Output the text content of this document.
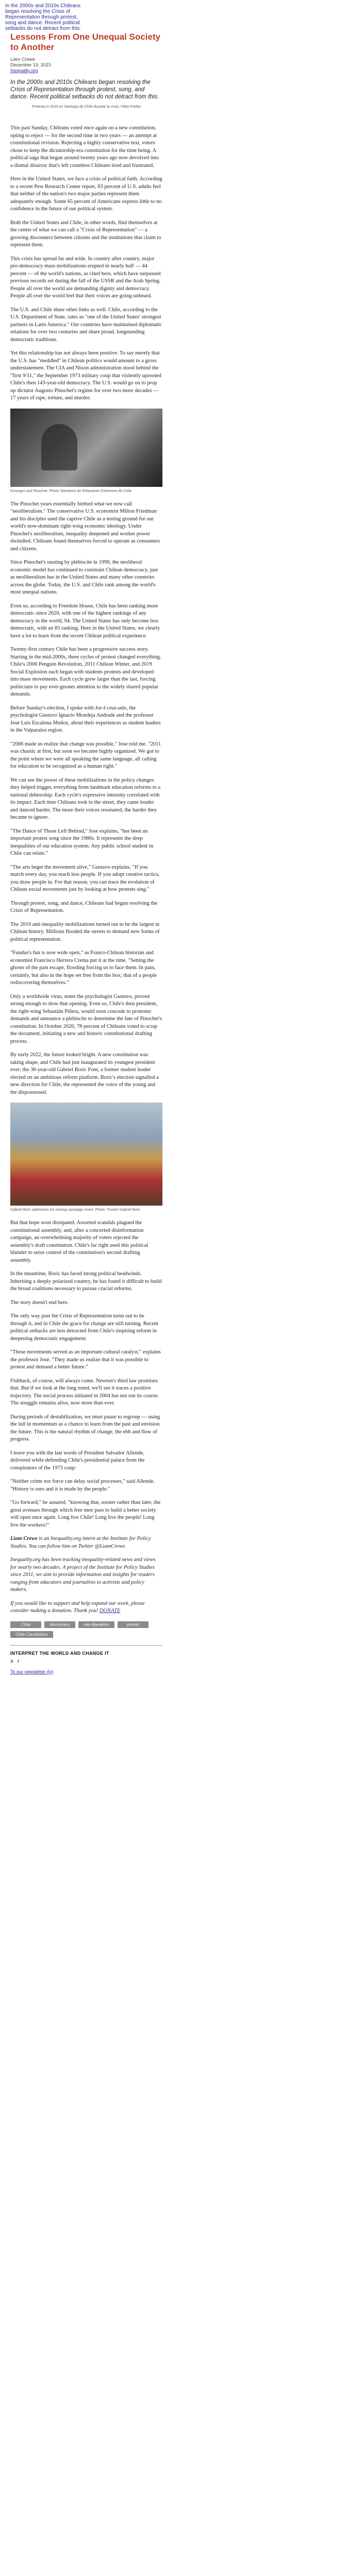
In the 2000s and 2010s Chileans began resolving the Crisis of Representation through protest, song and dance. Recent political setbacks do not detract from this.
Lessons From One Unequal Society to Another
Liam Crewe
December 19, 2023
Inequality.org
In the 2000s and 2010s Chileans began resolving the Crisis of Representation through protest, song, and dance. Recent political setbacks do not detract from this.
Protesta in 2019 en Santiago de Chile durante la crisis / Mitzi Parfan

This past Sunday, Chileans voted once again on a new constitution, opting to reject — for the second time in two years — an attempt at constitutional revision. Rejecting a highly conservative text, voters chose to keep the dictatorship-era constitution for the time being. A political saga that began around twenty years ago now devolved into a dismal disarray that's left countless Chileans tired and frustrated.

Here in the United States, we face a crisis of political faith. According to a recent Pew Research Center report, 63 percent of U.S. adults feel that neither of the nation's two major parties represent them adequately enough. Some 65 percent of Americans express little to no confidence in the future of our political system.

Both the United States and Chile, in other words, find themselves at the center of what we can call a "Crisis of Representation" — a growing disconnect between citizens and the institutions that claim to represent them.

This crisis has spread far and wide. In country after country, major pro-democracy mass mobilizations erupted in nearly half — 44 percent — of the world's nations, as cited here, which have surpassed previous records set during the fall of the USSR and the Arab Spring. People all over the world are demanding dignity and democracy. People all over the world feel that their voices are going unheard.

The U.S. and Chile share other links as well. Chile, according to the U.S. Department of State, rates as "one of the United States' strongest partners in Latin America." Our countries have maintained diplomatic relations for over two centuries and share proud, longstanding democratic traditions.

Yet this relationship has not always been positive. To say merely that the U.S. has "meddled" in Chilean politics would amount to a gross understatement. The CIA and Nixon administration stood behind the "first 9/11," the September 1973 military coup that violently uprooted Chile's then 143-year-old democracy. The U.S. would go on to prop up dictator Augusto Pinochet's regime for over two more decades — 17 years of rape, torture, and murder.

Kissinger and Pinochet. Photo: Ministerio de Relaciones Exteriores de Chile

The Pinochet years essentially birthed what we now call "neoliberalism." The conservative U.S. economist Milton Friedman and his disciples used the captive Chile as a testing ground for our world's now-dominant right-wing economic ideology. Under Pinochet's neoliberalism, inequality deepened and worker power dwindled. Chileans found themselves forced to operate as consumers and citizens.

Since Pinochet's ousting by plebiscite in 1990, the neoliberal economic model has continued to constrain Chilean democracy, just as neoliberalism has in the United States and many other countries across the globe. Today, the U.S. and Chile rank among the world's most unequal nations.

Even so, according to Freedom House, Chile has been ranking more democratic since 2020, with one of the highest rankings of any democracy in the world, 94. The United States has only become less democratic, with an 83 ranking. Here in the United States, we clearly have a lot to learn from the recent Chilean political experience.

Twenty-first century Chile has been a progressive success story. Starting in the mid-2000s, three cycles of protest changed everything. Chile's 2006 Penguin Revolution, 2011 Chilean Winter, and 2019 Social Explosion each began with students protests and developed into mass movements. Each cycle grew larger than the last, forcing politicians to pay ever-greater attention to the widely shared popular demands.

Before Sunday's election, I spoke with Jos é cruz-udo, the psychologist Gustavo Ignacio Mondeja Andrade and the professor José Luis Escalona Muñoz, about their experiences as student leaders in the Valparaíso region.

"2006 made us realize that change was possible," Jose told me. "2011 was chaotic at first, but soon we became highly organized. We got to the point where we were all speaking the same language, all calling for education to be recognized as a human right."

We can see the power of these mobilizations in the policy changes they helped trigger, everything from landmark education reforms to a national debtorship. Each cycle's expressive intensity correlated with its impact. Each time Chileans took to the street, they came louder and danced harder. The more their voices resonated, the harder they became to ignore.

"The Dance of Those Left Behind," Jose explains, "has been an important protest song since the 1980s. It represents the deep inequalities of our education system. Any public school student in Chile can relate."

"The arts beget the movement alive," Gustavo explains. "If you march every day, you reach less people. If you adopt creative tactics, you draw people in. For that reason, you can trace the evolution of Chilean social movements just by looking at how protests sing."

Through protest, song, and dance, Chileans had begun resolving the Crisis of Representation.

The 2019 anti-inequality mobilizations turned out to be the largest in Chilean history. Millions flooded the streets to demand new forms of political representation.

"Fundus's fun is now wide open," as Franco-Chilean historian and economist Francisco Herrera Crema put it at the time. "Setting the ghosts of the past escape, flooding forcing us to face them. In pain, certainly, but also in the hope set free from the box; that of a people rediscovering themselves."

Only a worldwide virus, notes the psychologist Gustavo, proved strong enough to slow that opening. Even so, Chile's then president, the right-wing Sebastián Piñera, would soon concede to protester demands and announce a plebiscite to determine the fate of Pinochet's constitution. In October 2020, 78 percent of Chileans voted to scrap the document, initiating a new and historic constitutional drafting process.

By early 2022, the future looked bright. A new constitution was taking shape, and Chile had just inaugurated its youngest president ever: the 36-year-old Gabriel Boric Font, a former student leader elected on an ambitious reform platform. Boric's election signalled a new direction for Chile, the represented the voice of the young and the dispossessed.

Gabriel Boric addresses his closing campaign event. Photo: Tricolor Gabriel Boric

But that hope soon dissipated. Assorted scandals plagued the constitutional assembly, and, after a concerted disinformation campaign, an overwhelming majority of voters rejected the assembly's draft constitution. Chile's far right used this political blunder to seize control of the constitution's second drafting assembly.

In the meantime, Boric has faced strong political headwinds. Inheriting a deeply polarized country, he has found it difficult to build the broad coalitions necessary to pursue crucial reforms.

The story doesn't end here.

The only way past the Crisis of Representation turns out to be through it, and in Chile the grace for change are still turning. Recent political setbacks are less detracted from Chile's inspiring reform in deepening democratic engagement.

"These movements served as an important cultural catalyst," explains the professor José. "They made us realize that it was possible to protest and demand a better future."

Fishback, of course, will always come. Newton's third law promises that. But if we look at the long trend, we'll see it traces a positive trajectory. The social process initiated in 2004 has not run its course. The struggle remains alive, now more than ever.

During periods of destabilization, we must pause to regroup — using the lull in momentum as a chance to learn from the past and envision the future. This is the natural rhythm of change, the ebb and flow of progress.

I leave you with the last words of President Salvador Allende, delivered while defending Chile's presidential palace from the conspirators of the 1973 coup:

"Neither crime nor force can delay social processes," said Allende. "History is ours and it is made by the people."

"Go forward," he assured, "knowing that, sooner rather than later, the great avenues through which free men pass to build a better society will open once again. Long live Chile! Long live the people! Long live the workers!"

Liam Crewe is an Inequality.org intern at the Institute for Policy Studies. You can follow him on Twitter @LiamCrewe.

Inequality.org has been tracking inequality-related news and views for nearly two decades. A project of the Institute for Policy Studies since 2011, we aim to provide information and insights for readers ranging from educators and journalists to activists and policy makers.

If you would like to support and help expand our work, please consider making a donation. Thank you! DONATE

Chile	democracy	neo-liberalism	protest
Chile Constitution
INTERPRET THE WORLD AND CHANGE IT
X f
To our newsletter (ly)
